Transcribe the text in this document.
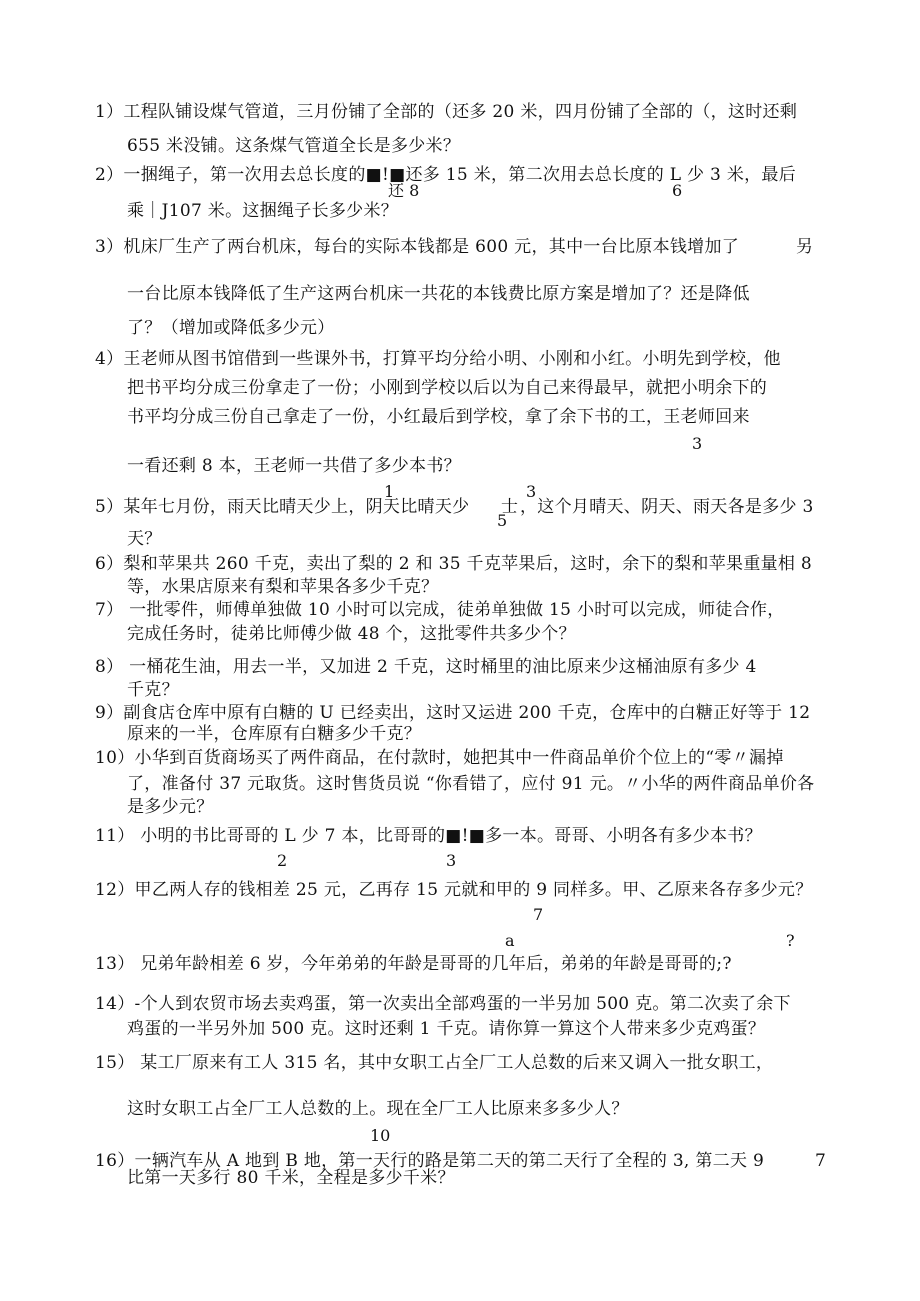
1）工程队铺设煤气管道，三月份铺了全部的（还多 20 米，四月份铺了全部的（，这时还剩
655 米没铺。这条煤气管道全长是多少米？
2）一捆绳子，第一次用去总长度的■!■还多 15 米，第二次用去总长度的 L 少 3 米，最后
还 8	6
乘｜J107 米。这捆绳子长多少米？
3）机床厂生产了两台机床，每台的实际本钱都是 600 元，其中一台比原本钱增加了	另
一台比原本钱降低了生产这两台机床一共花的本钱费比原方案是增加了？还是降低
了？（增加或降低多少元）
4）王老师从图书馆借到一些课外书，打算平均分给小明、小刚和小红。小明先到学校，他
把书平均分成三份拿走了一份；小刚到学校以后以为自己来得最早，就把小明余下的
书平均分成三份自己拿走了一份，小红最后到学校，拿了余下书的工，王老师回来
3
一看还剩 8 本，王老师一共借了多少本书？
1	3
5）某年七月份，雨天比晴天少上，阴天比晴天少 士
5
，这个月晴天、阴天、雨天各是多少 3
天？
6）梨和苹果共 260 千克，卖出了梨的 2 和 35 千克苹果后，这时，余下的梨和苹果重量相 8
等，水果店原来有梨和苹果各多少千克？
7） 一批零件，师傅单独做 10 小时可以完成，徒弟单独做 15 小时可以完成，师徒合作，
完成任务时，徒弟比师傅少做 48 个，这批零件共多少个？
8） 一桶花生油，用去一半，又加进 2 千克，这时桶里的油比原来少这桶油原有多少 4
千克？
9）副食店仓库中原有白糖的 U 已经卖出，这时又运进 200 千克，仓库中的白糖正好等于 12
原来的一半，仓库原有白糖多少千克？
10）小华到百货商场买了两件商品，在付款时，她把其中一件商品单价个位上的“零〃漏掉
了，准备付 37 元取货。这时售货员说 “你看错了，应付 91 元。〃小华的两件商品单价各
是多少元？
11） 小明的书比哥哥的 L 少 7 本，比哥哥的■!■多一本。哥哥、小明各有多少本书？
2	3
12）甲乙两人存的钱相差 25 元，乙再存 15 元就和甲的 9 同样多。甲、乙原来各存多少元？
7
a	?
13） 兄弟年龄相差 6 岁，今年弟弟的年龄是哥哥的几年后，弟弟的年龄是哥哥的;?
14）-个人到农贸市场去卖鸡蛋，第一次卖出全部鸡蛋的一半另加 500 克。第二次卖了余下
鸡蛋的一半另外加 500 克。这时还剩 1 千克。请你算一算这个人带来多少克鸡蛋？
15） 某工厂原来有工人 315 名，其中女职工占全厂工人总数的后来又调入一批女职工，
这时女职工占全厂工人总数的上。现在全厂工人比原来多多少人？
10
16）一辆汽车从 A 地到 B 地，第一天行的路是第二天的第二天行了全程的 3, 第二天 9	7
比第一天多行 80 千米，全程是多少千米？
